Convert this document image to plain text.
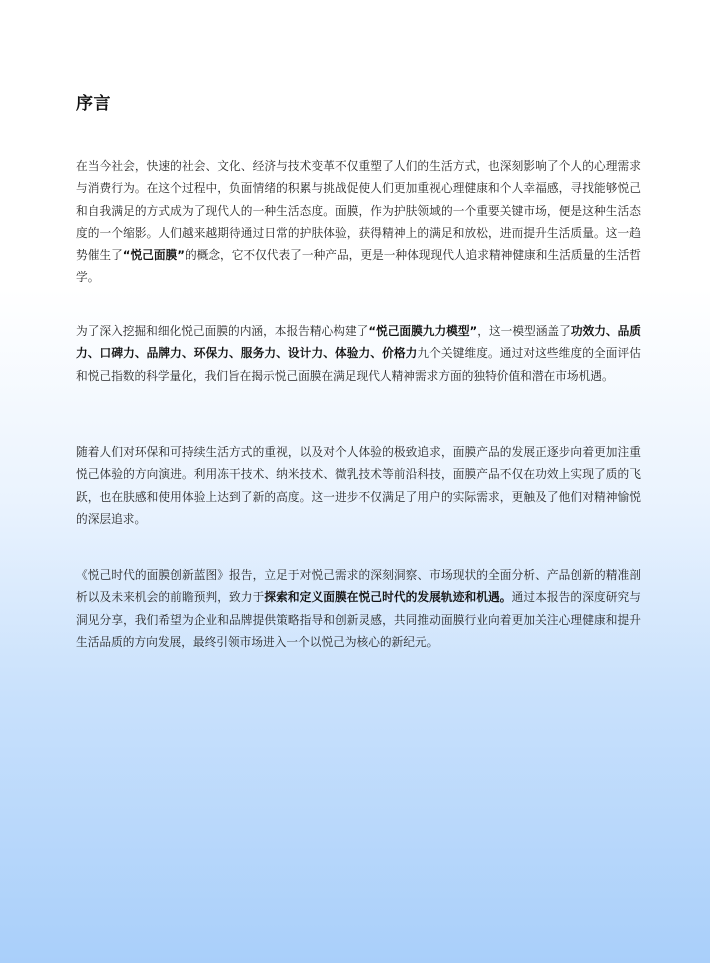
序言

在当今社会，快速的社会、文化、经济与技术变革不仅重塑了人们的生活方式，也深刻影响了个人的心理需求与消费行为。在这个过程中，负面情绪的积累与挑战促使人们更加重视心理健康和个人幸福感，寻找能够悦己和自我满足的方式成为了现代人的一种生活态度。面膜，作为护肤领域的一个重要关键市场，便是这种生活态度的一个缩影。人们越来越期待通过日常的护肤体验，获得精神上的满足和放松，进而提升生活质量。这一趋势催生了“悦己面膜”的概念，它不仅代表了一种产品，更是一种体现现代人追求精神健康和生活质量的生活哲学。

为了深入挖掘和细化悦己面膜的内涵，本报告精心构建了“悦己面膜九力模型”，这一模型涵盖了功效力、品质力、口碑力、品牌力、环保力、服务力、设计力、体验力、价格力九个关键维度。通过对这些维度的全面评估和悦己指数的科学量化，我们旨在揭示悦己面膜在满足现代人精神需求方面的独特价值和潜在市场机遇。

随着人们对环保和可持续生活方式的重视，以及对个人体验的极致追求，面膜产品的发展正逐步向着更加注重悦己体验的方向演进。利用冻干技术、纳米技术、微乳技术等前沿科技，面膜产品不仅在功效上实现了质的飞跃，也在肤感和使用体验上达到了新的高度。这一进步不仅满足了用户的实际需求，更触及了他们对精神愉悦的深层追求。

《悦己时代的面膜创新蓝图》报告，立足于对悦己需求的深刻洞察、市场现状的全面分析、产品创新的精准剖析以及未来机会的前瞻预判，致力于探索和定义面膜在悦己时代的发展轨迹和机遇。通过本报告的深度研究与洞见分享，我们希望为企业和品牌提供策略指导和创新灵感，共同推动面膜行业向着更加关注心理健康和提升生活品质的方向发展，最终引领市场进入一个以悦己为核心的新纪元。
